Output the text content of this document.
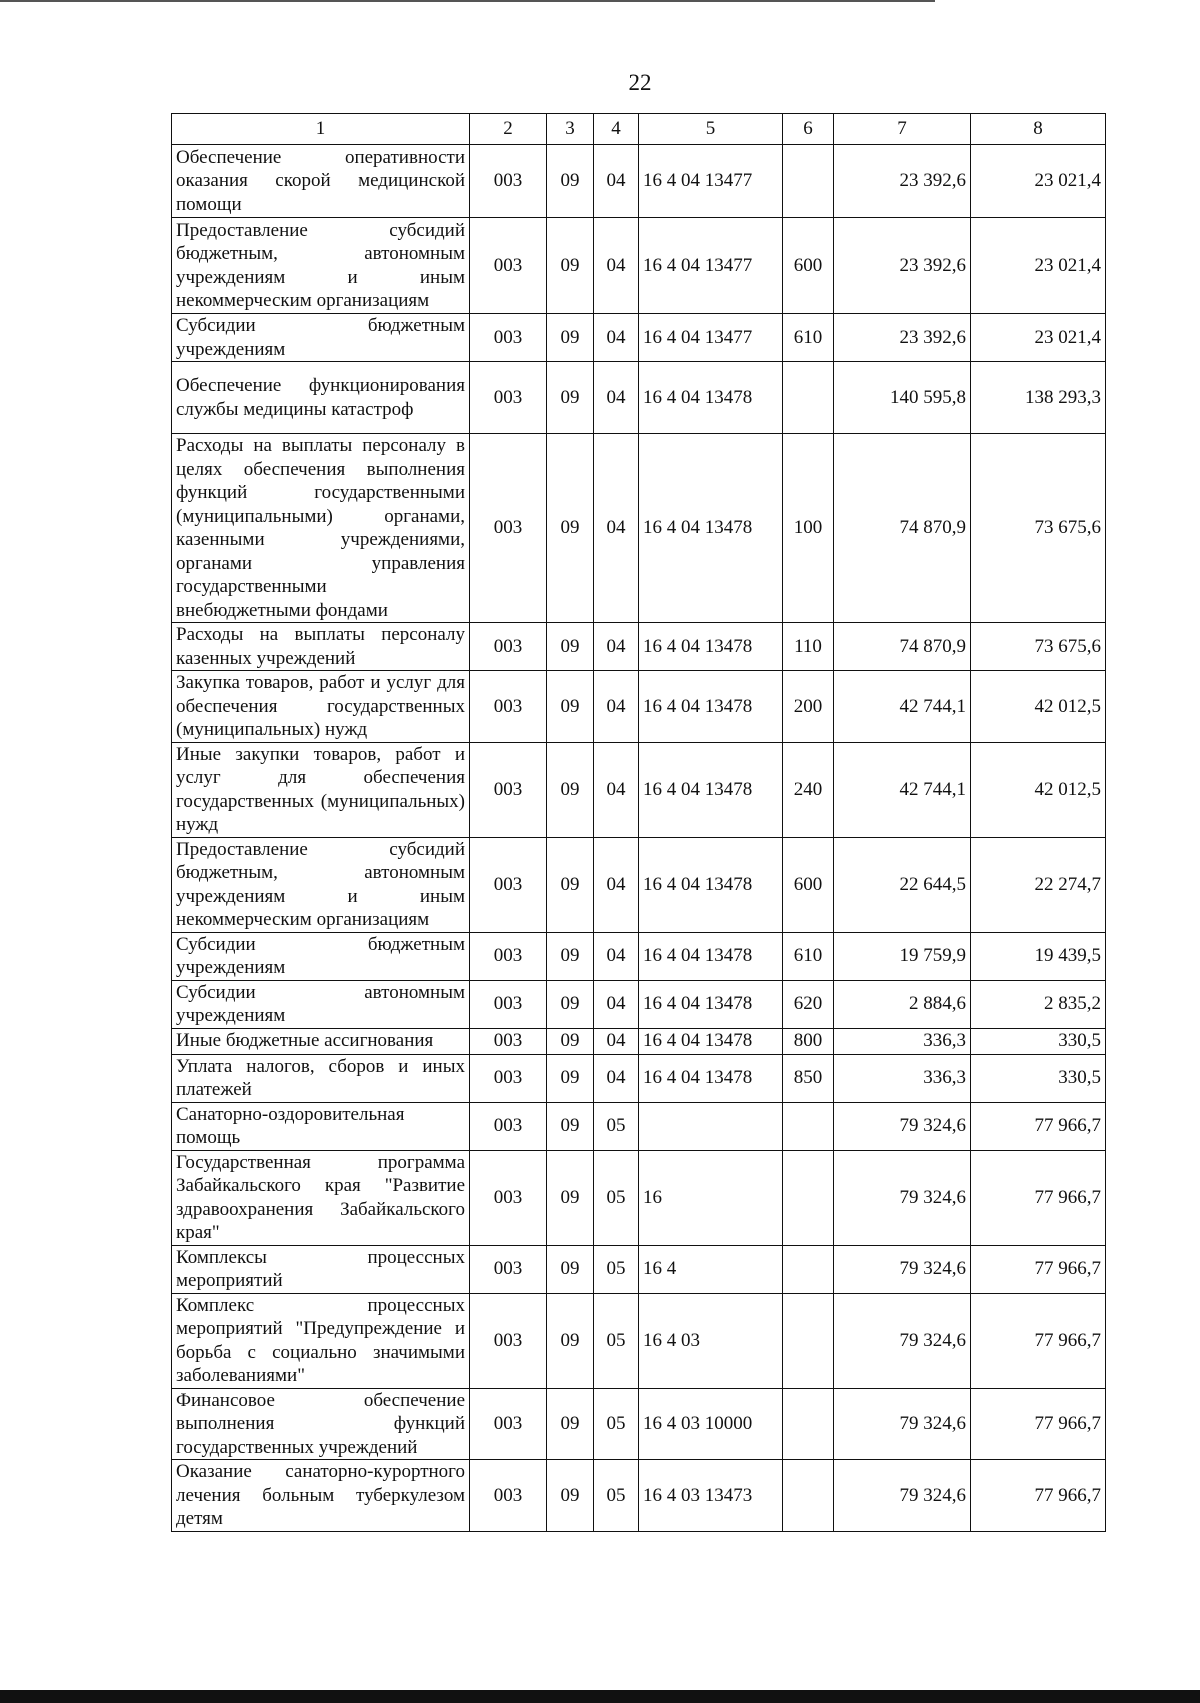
22
1	2	3	4	5	6	7	8
Обеспечение оперативности оказания скорой медицинской помощи	003	09	04	16 4 04 13477		23 392,6	23 021,4
Предоставление субсидий бюджетным, автономным учреждениям и иным некоммерческим организациям	003	09	04	16 4 04 13477	600	23 392,6	23 021,4
Субсидии бюджетным учреждениям	003	09	04	16 4 04 13477	610	23 392,6	23 021,4
Обеспечение функционирования службы медицины катастроф	003	09	04	16 4 04 13478		140 595,8	138 293,3
Расходы на выплаты персоналу в целях обеспечения выполнения функций государственными (муниципальными) органами, казенными учреждениями, органами управления государственными внебюджетными фондами	003	09	04	16 4 04 13478	100	74 870,9	73 675,6
Расходы на выплаты персоналу казенных учреждений	003	09	04	16 4 04 13478	110	74 870,9	73 675,6
Закупка товаров, работ и услуг для обеспечения государственных (муниципальных) нужд	003	09	04	16 4 04 13478	200	42 744,1	42 012,5
Иные закупки товаров, работ и услуг для обеспечения государственных (муниципальных) нужд	003	09	04	16 4 04 13478	240	42 744,1	42 012,5
Предоставление субсидий бюджетным, автономным учреждениям и иным некоммерческим организациям	003	09	04	16 4 04 13478	600	22 644,5	22 274,7
Субсидии бюджетным учреждениям	003	09	04	16 4 04 13478	610	19 759,9	19 439,5
Субсидии автономным учреждениям	003	09	04	16 4 04 13478	620	2 884,6	2 835,2
Иные бюджетные ассигнования	003	09	04	16 4 04 13478	800	336,3	330,5
Уплата налогов, сборов и иных платежей	003	09	04	16 4 04 13478	850	336,3	330,5
Санаторно-оздоровительная помощь	003	09	05			79 324,6	77 966,7
Государственная программа Забайкальского края "Развитие здравоохранения Забайкальского края"	003	09	05	16		79 324,6	77 966,7
Комплексы процессных мероприятий	003	09	05	16 4		79 324,6	77 966,7
Комплекс процессных мероприятий "Предупреждение и борьба с социально значимыми заболеваниями"	003	09	05	16 4 03		79 324,6	77 966,7
Финансовое обеспечение выполнения функций государственных учреждений	003	09	05	16 4 03 10000		79 324,6	77 966,7
Оказание санаторно-курортного лечения больным туберкулезом детям	003	09	05	16 4 03 13473		79 324,6	77 966,7
